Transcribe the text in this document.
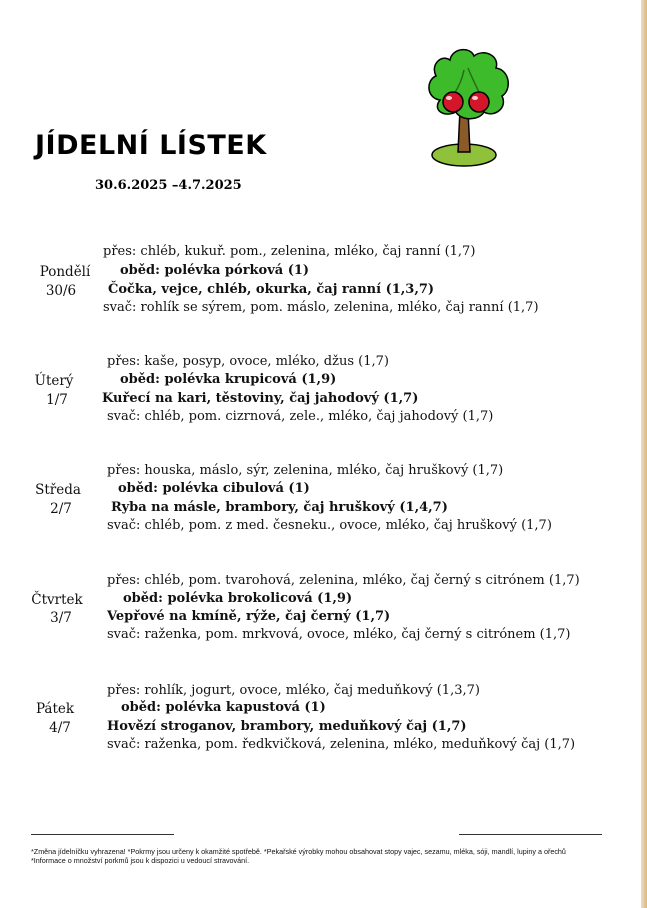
JÍDELNÍ LÍSTEK
30.6.2025 –4.7.2025
Pondělí
30/6
přes: chléb, kukuř. pom., zelenina, mléko, čaj ranní (1,7)
oběd: polévka pórková (1)
Čočka, vejce, chléb, okurka, čaj ranní (1,3,7)
svač: rohlík se sýrem, pom. máslo, zelenina, mléko, čaj ranní (1,7)
Úterý
1/7
přes: kaše, posyp, ovoce, mléko, džus (1,7)
oběd: polévka krupicová (1,9)
Kuřecí na kari, těstoviny, čaj jahodový (1,7)
svač: chléb, pom. cizrnová, zele., mléko, čaj jahodový (1,7)
Středa
2/7
přes: houska, máslo, sýr, zelenina, mléko, čaj hruškový (1,7)
oběd: polévka cibulová (1)
Ryba na másle, brambory, čaj hruškový (1,4,7)
svač: chléb, pom. z med. česneku., ovoce, mléko, čaj hruškový (1,7)
Čtvrtek
3/7
přes: chléb, pom. tvarohová, zelenina, mléko, čaj černý s citrónem (1,7)
oběd: polévka brokolicová (1,9)
Vepřové na kmíně, rýže, čaj černý (1,7)
svač: raženka, pom. mrkvová, ovoce, mléko, čaj černý s citrónem (1,7)
Pátek
4/7
přes: rohlík, jogurt, ovoce, mléko, čaj meduňkový (1,3,7)
oběd: polévka kapustová (1)
Hovězí stroganov, brambory, meduňkový čaj (1,7)
svač: raženka, pom. ředkvičková, zelenina, mléko, meduňkový čaj (1,7)
*Změna jídelníčku vyhrazena! *Pokrmy jsou určeny k okamžité spotřebě. *Pekařské výrobky mohou obsahovat stopy vajec, sezamu, mléka, sóji, mandlí, lupiny a ořechů
*Informace o množství porkmů jsou k dispozici u vedoucí stravování.
